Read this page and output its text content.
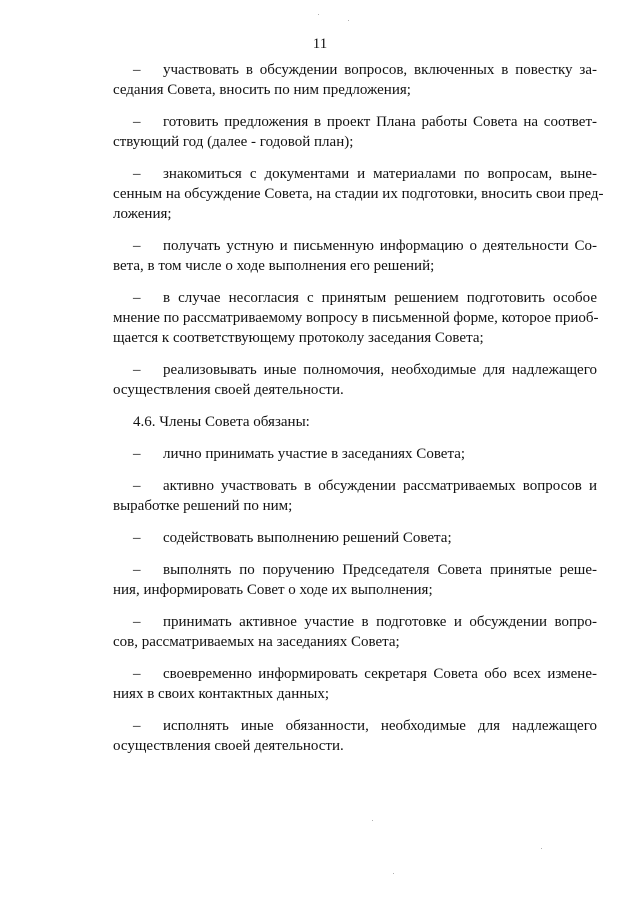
11
– участвовать в обсуждении вопросов, включенных в повестку за-
седания Совета, вносить по ним предложения;
– готовить предложения в проект Плана работы Совета на соответ-
ствующий год (далее - годовой план);
– знакомиться с документами и материалами по вопросам, выне-
сенным на обсуждение Совета, на стадии их подготовки, вносить свои пред-
ложения;
– получать устную и письменную информацию о деятельности Со-
вета, в том числе о ходе выполнения его решений;
– в случае несогласия с принятым решением подготовить особое
мнение по рассматриваемому вопросу в письменной форме, которое приоб-
щается к соответствующему протоколу заседания Совета;
– реализовывать иные полномочия, необходимые для надлежащего
осуществления своей деятельности.
4.6. Члены Совета обязаны:
– лично принимать участие в заседаниях Совета;
– активно участвовать в обсуждении рассматриваемых вопросов и
выработке решений по ним;
– содействовать выполнению решений Совета;
– выполнять по поручению Председателя Совета принятые реше-
ния, информировать Совет о ходе их выполнения;
– принимать активное участие в подготовке и обсуждении вопро-
сов, рассматриваемых на заседаниях Совета;
– своевременно информировать секретаря Совета обо всех измене-
ниях в своих контактных данных;
– исполнять иные обязанности, необходимые для надлежащего
осуществления своей деятельности.
